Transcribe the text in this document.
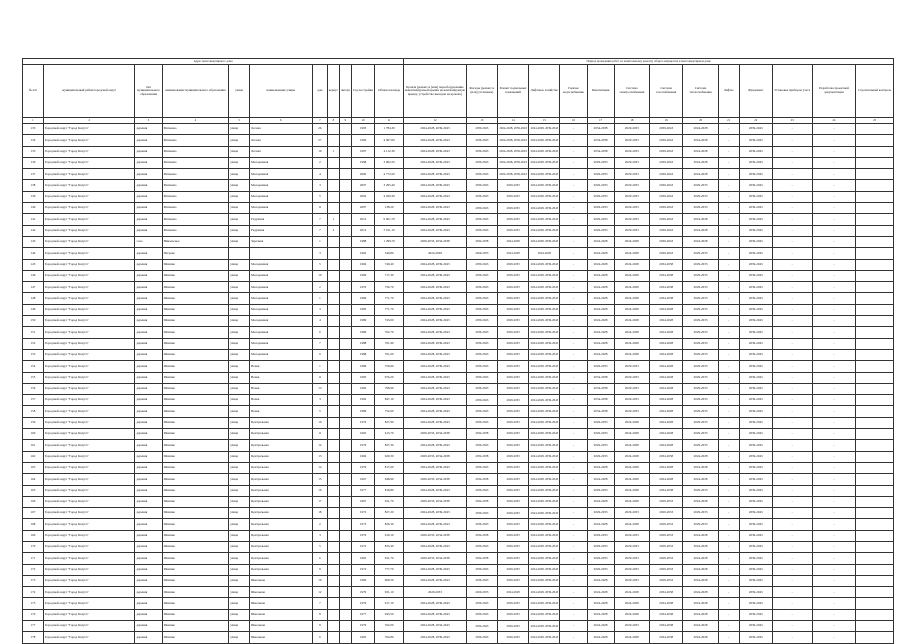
Адрес многоквартирного дома											Период проведения работ по капитальному ремонту общего имущества в многоквартирном доме													
№ п/п	муниципальный район/городской округ	тип муниципального образования	наименование муниципального образования	улица	наименование улицы	дом	корпус	литера	Год постройки	Общая площадь	Кровля (ремонт и (или) переоборудование невентилируемой крыши на вентилируемую крышу, устройство выходов на кровлю)	Фасады (ремонт и (или) утепление)	Ремонт подвальных помещений	Лифтовое хозяйство	Горячее водоснабжение	Канализация	Система электроснабжения	Система газоснабжения	Система теплоснабжения	Лифты	Фундамент	Установка приборов учета	Разработка проектной документации	Строительный контроль
1	2	3	4	5	6	7	8	9	10	11	12	13	14	15	16	17	18	19	20	21	22	23	24	25
133	Городской округ "Город Калуга"	деревня	Матвеево	улица	Лесная	26			1993	1 784,30	2024-2028, 2039-2043	2039-2043	2024-2028, 2039-2043	2024-2028, 2039-2043	-	2034-2038	2029-2033	2039-2043	2024-2028	-	2039-2043	-	-	
134	Городской округ "Город Калуга"	деревня	Матвеево	улица	Лесная	27			1996	4 067,60	2024-2028, 2039-2043	2039-2043	2024-2028, 2039-2043	2024-2028, 2039-2043	-	2034-2038	2029-2033	2039-2043	2024-2028	-	2039-2043	-	-	
135	Городской округ "Город Калуга"	деревня	Матвеево	улица	Лесная	19	1		1997	4 112,30	2024-2028, 2039-2043	2039-2043	2024-2028, 2039-2043	2024-2028, 2039-2043	-	2034-2038	2029-2033	2039-2043	2024-2028	-	2039-2043	-	-	
136	Городской округ "Город Калуга"	деревня	Матвеево	улица	Молодежная	2			1998	3 062,50	2024-2028, 2039-2043	2039-2043	2024-2028, 2039-2043	2024-2028, 2039-2043	-	2029-2033	2029-2033	2039-2043	2024-2028	-	2039-2043	-	-	
137	Городской округ "Город Калуга"	деревня	Матвеево	улица	Молодежная	4			2000	4 772,50	2024-2028, 2039-2043	2039-2043	2024-2028, 2039-2043	2024-2028, 2039-2043	-	2029-2033	2029-2033	2039-2043	2024-2028	-	2039-2043	-	-	
138	Городской округ "Город Калуга"	деревня	Матвеево	улица	Молодежная	3			2007	3 295,40	2024-2028, 2039-2043	2039-2043	2029-2033	2024-2028, 2039-2043	-	2029-2033	2029-2033	2039-2043	2029-2033	-	2039-2043	-	-	
139	Городской округ "Город Калуга"	деревня	Матвеево	улица	Молодежная	5			2002	4 029,30	2024-2028, 2039-2043	2039-2043	2029-2033	2024-2028, 2039-2043	-	2029-2033	2029-2033	2039-2043	2029-2033	-	2039-2043	-	-	
140	Городской округ "Город Калуга"	деревня	Матвеево	улица	Молодежная	11			2007	138,20	2024-2028, 2039-2043	2039-2043	2029-2033	2024-2028, 2039-2043	-	2029-2033	2029-2033	2039-2043	2029-2033	-	2039-2043	-	-	
141	Городской округ "Город Калуга"	деревня	Матвеево	улица	Радужная	7	1		2012	9 601,70	2024-2028, 2039-2043	2039-2043	2029-2033	2024-2028, 2039-2043	-	2029-2033	2029-2033	2039-2043	2024-2028	-	2039-2043	-	-	
142	Городской округ "Город Калуга"	деревня	Матвеево	улица	Радужная	7	2		2012	5 911,10	2024-2028, 2039-2043	2039-2043	2029-2033	2024-2028, 2039-2043	-	2029-2033	2029-2033	2039-2043	2024-2028	-	2039-2043	-	-	
143	Городской округ "Город Калуга"	село	Никольское	улица	Заречная	1			1988	1 299,70	2029-2033, 2034-2038	2034-2038	2024-2028	2024-2028, 2039-2043	-	2024-2028	2024-2028	2039-2043	2024-2028	-	2039-2043	-	-	
144	Городской округ "Город Калуга"	деревня	Петрово			3			1962	349,80	2024-2028	2029-2033	2024-2028	2024-2028	-	2024-2028	2024-2028	2039-2043	2029-2033	-	2039-2043	-	-	
145	Городской округ "Город Калуга"	деревня	Шопино	улица	Молодежная	5			1966	749,40	2024-2028, 2039-2043	2039-2043	2029-2033	2024-2028, 2039-2043	-	2024-2028	2024-2028	2034-2038	2029-2033	-	2039-2043	-	-	
146	Городской округ "Город Калуга"	деревня	Шопино	улица	Молодежная	10			1969	717,30	2024-2028, 2039-2043	2039-2043	2029-2033	2024-2028, 2039-2043	-	2024-2028	2024-2028	2034-2038	2029-2033	-	2039-2043	-	-	
147	Городской округ "Город Калуга"	деревня	Шопино	улица	Молодежная	2			1970	726,70	2024-2028, 2039-2043	2039-2043	2029-2033	2024-2028, 2039-2043	-	2024-2028	2024-2028	2034-2038	2029-2033	-	2039-2043	-	-	
148	Городской округ "Город Калуга"	деревня	Шопино	улица	Молодежная	1			1984	771,70	2024-2028, 2039-2043	2039-2043	2029-2033	2024-2028, 2039-2043	-	2024-2028	2024-2028	2034-2038	2029-2033	-	2039-2043	-	-	
149	Городской округ "Город Калуга"	деревня	Шопино	улица	Молодежная	3			1985	771,70	2024-2028, 2039-2043	2039-2043	2029-2033	2024-2028, 2039-2043	-	2024-2028	2024-2028	2024-2028	2029-2033	-	2039-2043	-	-	
150	Городской округ "Город Калуга"	деревня	Шопино	улица	Молодежная	4			1986	743,00	2024-2028, 2039-2043	2039-2043	2029-2033	2024-2028, 2039-2043	-	2024-2028	2024-2028	2024-2028	2029-2033	-	2039-2043	-	-	
151	Городской округ "Город Калуга"	деревня	Шопино	улица	Молодежная	6			1986	762,70	2024-2028, 2039-2043	2039-2043	2029-2033	2024-2028, 2039-2043	-	2024-2028	2024-2028	2024-2028	2029-2033	-	2039-2043	-	-	
152	Городской округ "Город Калуга"	деревня	Шопино	улица	Молодежная	7			1988	761,90	2024-2028, 2039-2043	2039-2043	2029-2033	2024-2028, 2039-2043	-	2024-2028	2024-2028	2024-2028	2029-2033	-	2039-2043	-	-	
153	Городской округ "Город Калуга"	деревня	Шопино	улица	Молодежная	9			1988	761,60	2024-2028, 2039-2043	2039-2043	2029-2033	2024-2028, 2039-2043	-	2024-2028	2024-2028	2024-2028	2029-2033	-	2039-2043	-	-	
154	Городской округ "Город Калуга"	деревня	Шопино	улица	Новая	1			1986	759,90	2024-2028, 2039-2043	2039-2043	2029-2033	2024-2028, 2039-2043	-	2029-2033	2029-2033	2024-2028	2029-2033	-	2039-2043	-	-	
155	Городской округ "Город Калуга"	деревня	Шопино	улица	Новая	11			1995	976,20	2024-2028, 2039-2043	2039-2043	2029-2033	2024-2028, 2039-2043	-	2034-2038	2029-2033	2024-2028	2029-2033	-	2039-2043	-	-	
156	Городской округ "Город Калуга"	деревня	Шопино	улица	Новая	13			1992	798,90	2024-2028, 2039-2043	2039-2043	2029-2033	2024-2028, 2039-2043	-	2034-2038	2029-2033	2024-2028	2029-2033	-	2039-2043	-	-	
157	Городской округ "Город Калуга"	деревня	Шопино	улица	Новая	3			1992	847,10	2024-2028, 2039-2043	2039-2043	2029-2033	2024-2028, 2039-2043	-	2034-2038	2029-2033	2024-2028	2029-2033	-	2039-2043	-	-	
158	Городской округ "Город Калуга"	деревня	Шопино	улица	Новая	5			1986	752,60	2024-2028, 2039-2043	2039-2043	2029-2033	2024-2028, 2039-2043	-	2034-2038	2029-2033	2024-2028	2029-2033	-	2039-2043	-	-	
159	Городской округ "Город Калуга"	деревня	Шопино	улица	Центральная	10			1976	827,90	2024-2028, 2039-2043	2039-2043	2029-2033	2024-2028, 2039-2043	-	2029-2033	2024-2028	2024-2028	2029-2033	-	2039-2043	-	-	
160	Городской округ "Город Калуга"	деревня	Шопино	улица	Центральная	11			1965	613,70	2029-2033, 2034-2038	2034-2038	2029-2033	2024-2028, 2039-2043	-	2029-2033	2024-2028	2024-2028	2029-2033	-	2039-2043	-	-	
161	Городской округ "Город Калуга"	деревня	Шопино	улица	Центральная	12			1976	827,30	2024-2028, 2039-2043	2039-2043	2029-2033	2024-2028, 2039-2043	-	2029-2033	2024-2028	2024-2028	2029-2033	-	2039-2043	-	-	
162	Городской округ "Город Калуга"	деревня	Шопино	улица	Центральная	13			1966	629,30	2029-2033, 2034-2038	2034-2038	2029-2033	2024-2028, 2039-2043	-	2029-2033	2024-2028	2034-2038	2024-2028	-	2039-2043	-	-	
163	Городской округ "Город Калуга"	деревня	Шопино	улица	Центральная	14			1979	817,60	2024-2028, 2039-2043	2039-2043	2029-2033	2024-2028, 2039-2043	-	2024-2028	2024-2028	2024-2028	2024-2028	-	2039-2043	-	-	
164	Городской округ "Город Калуга"	деревня	Шопино	улица	Центральная	15			1967	648,90	2029-2033, 2034-2038	2034-2038	2029-2033	2024-2028, 2039-2043	-	2024-2028	2024-2028	2024-2028	2024-2028	-	2039-2043	-	-	
165	Городской округ "Город Калуга"	деревня	Шопино	улица	Центральная	16			1977	819,80	2024-2028, 2039-2043	2039-2043	2029-2033	2024-2028, 2039-2043	-	2029-2033	2024-2028	2034-2038	2029-2033	-	2039-2043	-	-	
166	Городской округ "Город Калуга"	деревня	Шопино	улица	Центральная	17			1967	631,70	2029-2033, 2034-2038	2034-2038	2029-2033	2024-2028, 2039-2043	-	2024-2028	2024-2028	2029-2033	2024-2028	-	2039-2043	-	-	
167	Городской округ "Город Калуга"	деревня	Шопино	улица	Центральная	18			1972	827,20	2024-2028, 2039-2043	2039-2043	2029-2033	2024-2028, 2039-2043	-	2029-2033	2029-2033	2029-2033	2029-2033	-	2039-2043	-	-	
168	Городской округ "Город Калуга"	деревня	Шопино	улица	Центральная	2			1973	826,30	2024-2028, 2039-2043	2039-2043	2029-2033	2024-2028, 2039-2043	-	2024-2028	2024-2028	2029-2033	2029-2033	-	2039-2043	-	-	
169	Городской округ "Город Калуга"	деревня	Шопино	улица	Центральная	3			1979	619,10	2029-2033, 2034-2038	2034-2038	2029-2033	2024-2028, 2039-2043	-	2029-2033	2029-2033	2029-2033	2024-2028	-	2039-2043	-	-	
170	Городской округ "Город Калуга"	деревня	Шопино	улица	Центральная	5			1972	833,40	2024-2028, 2039-2043	2039-2043	2029-2033	2024-2028, 2039-2043	-	2029-2033	2029-2033	2029-2033	2024-2028	-	2039-2043	-	-	
171	Городской округ "Город Калуга"	деревня	Шопино	улица	Центральная	6			1965	631,70	2029-2033, 2034-2038	2034-2038	2029-2033	2024-2028, 2039-2043	-	2029-2033	2029-2033	2029-2033	2024-2028	-	2039-2043	-	-	
172	Городской округ "Город Калуга"	деревня	Шопино	улица	Центральная	9			1974	777,70	2024-2028, 2039-2043	2039-2043	2029-2033	2024-2028, 2039-2043	-	2029-2033	2029-2033	2029-2033	2024-2028	-	2039-2043	-	-	
173	Городской округ "Город Калуга"	деревня	Шопино	улица	Школьная	10			1969	960,50	2024-2028, 2039-2043	2039-2043	2029-2033	2024-2028, 2039-2043	-	2024-2028	2029-2033	2029-2033	2024-2028	-	2039-2043	-	-	
174	Городской округ "Город Калуга"	деревня	Шопино	улица	Школьная	12			1979	931,10	2029-2033	2029-2033	2024-2028	2024-2028, 2039-2043	-	2024-2028	2024-2028	2034-2038	2024-2028	-	2039-2043	-	-	
175	Городской округ "Город Калуга"	деревня	Шопино	улица	Школьная	7			1979	917,10	2024-2028, 2039-2043	2039-2043	2029-2033	2024-2028, 2039-2043	-	2024-2028	2024-2028	2034-2038	2024-2028	-	2039-2043	-	-	
176	Городской округ "Город Калуга"	деревня	Шопино	улица	Школьная	8			1977	943,50	2024-2028, 2039-2043	2039-2043	2029-2033	2024-2028, 2039-2043	-	2024-2028	2024-2028	2034-2038	2024-2028	-	2039-2043	-	-	
177	Городской округ "Город Калуга"	деревня	Шопино	улица	Школьная	9			1979	762,00	2024-2028, 2034-2043	2034-2043	2029-2033	2024-2028, 2039-2043	-	2024-2028	2029-2033	2034-2038	2024-2028	-	2039-2043	-	-	
178	Городской округ "Город Калуга"	деревня	Шопино	улица	Школьная	6			1965	764,80	2024-2028, 2039-2043	2039-2043	2029-2033	2024-2028, 2039-2043	-	2024-2028	2024-2028	2034-2038	2024-2028	-	2039-2043	-	-	
